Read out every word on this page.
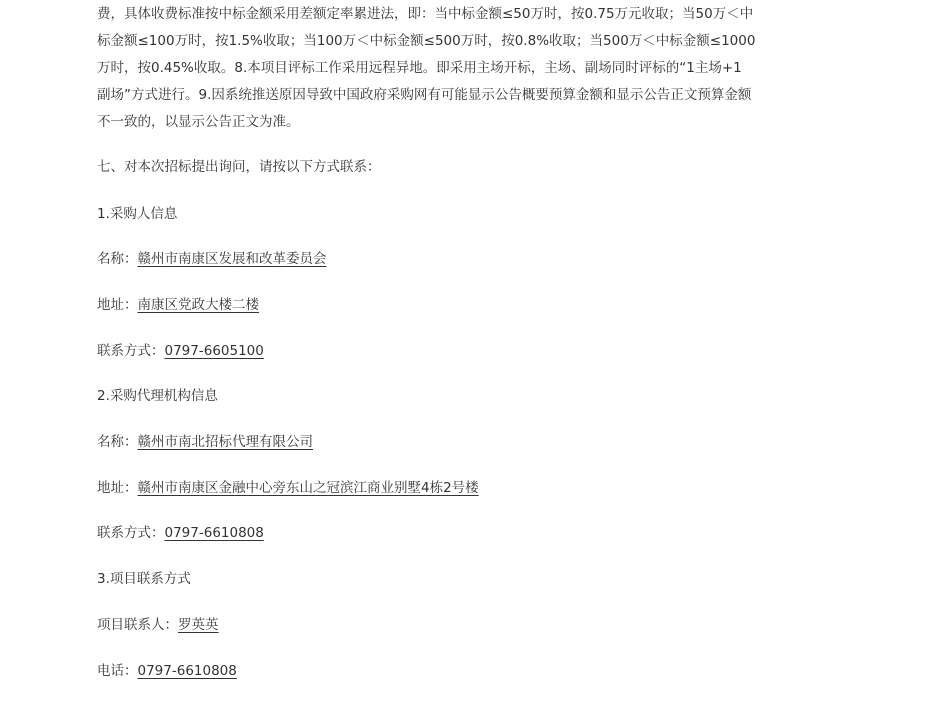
费，具体收费标准按中标金额采用差额定率累进法，即：当中标金额≤50万时，按0.75万元收取；当50万＜中标金额≤100万时，按1.5%收取；当100万＜中标金额≤500万时，按0.8%收取；当500万＜中标金额≤1000万时，按0.45%收取。8.本项目评标工作采用远程异地。即采用主场开标，主场、副场同时评标的“1主场+1 副场”方式进行。9.因系统推送原因导致中国政府采购网有可能显示公告概要预算金额和显示公告正文预算金额不一致的，以显示公告正文为准。

七、对本次招标提出询问，请按以下方式联系：

1.采购人信息

名称：赣州市南康区发展和改革委员会

地址：南康区党政大楼二楼

联系方式：0797-6605100

2.采购代理机构信息

名称：赣州市南北招标代理有限公司

地址：赣州市南康区金融中心旁东山之冠滨江商业别墅4栋2号楼

联系方式：0797-6610808

3.项目联系方式

项目联系人：罗英英

电话：0797-6610808
